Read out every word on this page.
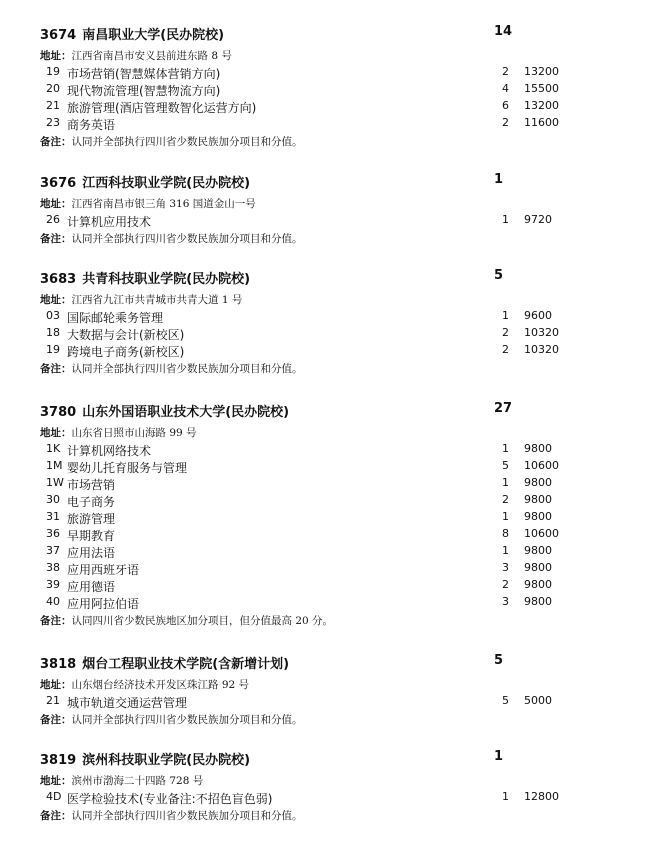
3674 南昌职业大学(民办院校)	14
地址：江西省南昌市安义县前进东路 8 号
19 市场营销(智慧媒体营销方向)	2 13200
20 现代物流管理(智慧物流方向)	4 15500
21 旅游管理(酒店管理数智化运营方向)	6 13200
23 商务英语	2 11600
备注：认同并全部执行四川省少数民族加分项目和分值。
3676 江西科技职业学院(民办院校)	1
地址：江西省南昌市银三角 316 国道金山一号
26 计算机应用技术	1 9720
备注：认同并全部执行四川省少数民族加分项目和分值。
3683 共青科技职业学院(民办院校)	5
地址：江西省九江市共青城市共青大道 1 号
03 国际邮轮乘务管理	1 9600
18 大数据与会计(新校区)	2 10320
19 跨境电子商务(新校区)	2 10320
备注：认同并全部执行四川省少数民族加分项目和分值。
3780 山东外国语职业技术大学(民办院校)	27
地址：山东省日照市山海路 99 号
1K 计算机网络技术	1 9800
1M 婴幼儿托育服务与管理	5 10600
1W 市场营销	1 9800
30 电子商务	2 9800
31 旅游管理	1 9800
36 早期教育	8 10600
37 应用法语	1 9800
38 应用西班牙语	3 9800
39 应用德语	2 9800
40 应用阿拉伯语	3 9800
备注：认同四川省少数民族地区加分项目，但分值最高 20 分。
3818 烟台工程职业技术学院(含新增计划)	5
地址：山东烟台经济技术开发区珠江路 92 号
21 城市轨道交通运营管理	5 5000
备注：认同并全部执行四川省少数民族加分项目和分值。
3819 滨州科技职业学院(民办院校)	1
地址：滨州市渤海二十四路 728 号
4D 医学检验技术(专业备注:不招色盲色弱)	1 12800
备注：认同并全部执行四川省少数民族加分项目和分值。
